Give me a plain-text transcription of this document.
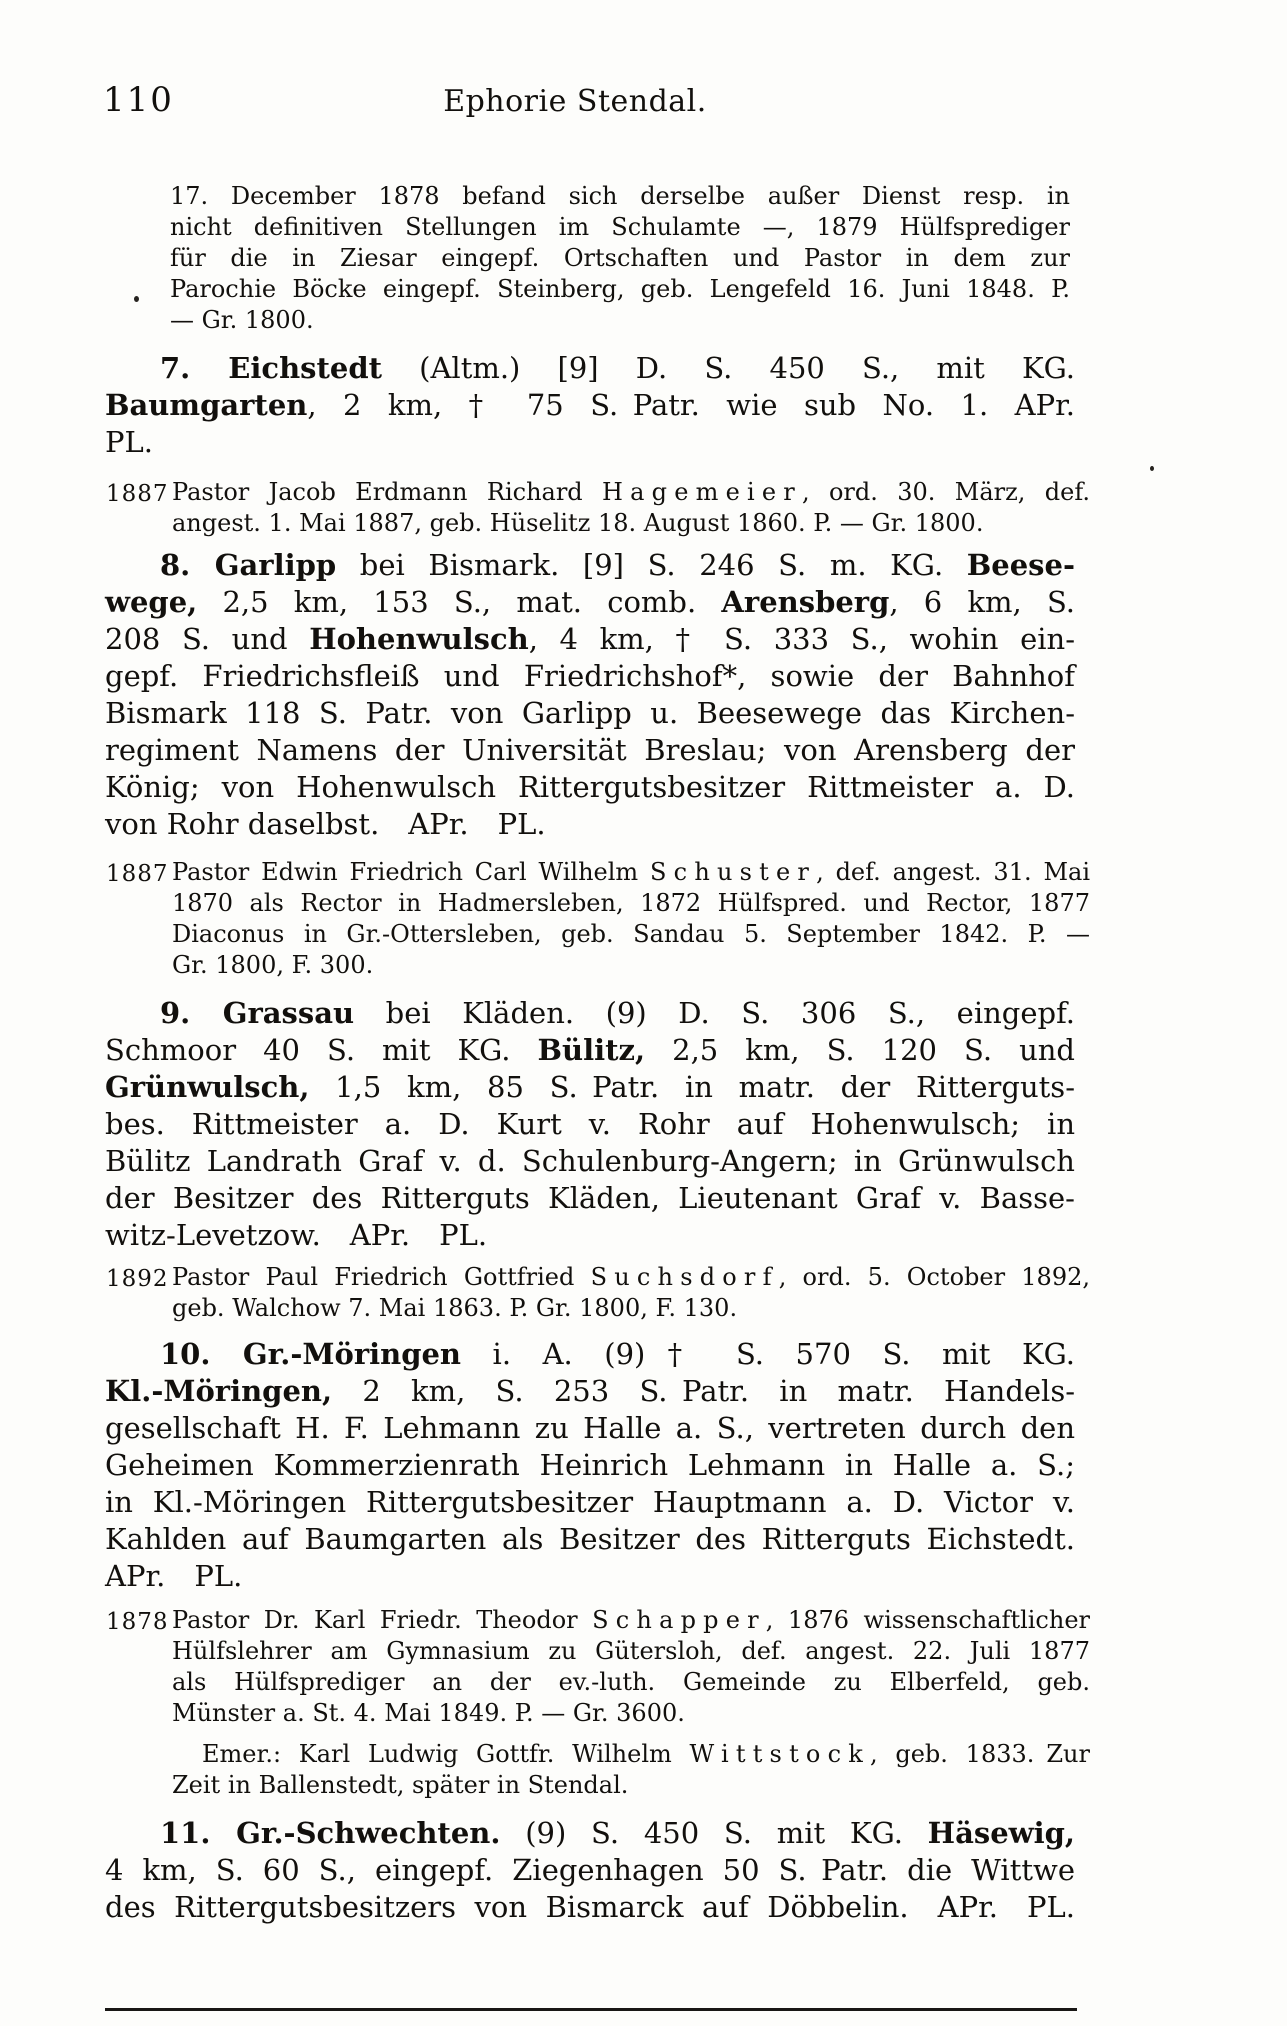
110	Ephorie Stendal.
17. December 1878 befand sich derselbe außer Dienst resp. in
nicht definitiven Stellungen im Schulamte —, 1879 Hülfsprediger
für die in Ziesar eingepf. Ortschaften und Pastor in dem zur
Parochie Böcke eingepf. Steinberg, geb. Lengefeld 16. Juni 1848. P.
— Gr. 1800.
7. Eichstedt (Altm.) [9] D. S. 450 S., mit KG.
Baumgarten, 2 km, † 75 S. Patr. wie sub No. 1. APr.
PL.
1887 Pastor Jacob Erdmann Richard Hagemeier, ord. 30. März, def.
angest. 1. Mai 1887, geb. Hüselitz 18. August 1860. P. — Gr. 1800.
8. Garlipp bei Bismark. [9] S. 246 S. m. KG. Beese-
wege, 2,5 km, 153 S., mat. comb. Arensberg, 6 km, S.
208 S. und Hohenwulsch, 4 km, † S. 333 S., wohin ein-
gepf. Friedrichsfleiß und Friedrichshof*, sowie der Bahnhof
Bismark 118 S. Patr. von Garlipp u. Beesewege das Kirchen-
regiment Namens der Universität Breslau; von Arensberg der
König; von Hohenwulsch Rittergutsbesitzer Rittmeister a. D.
von Rohr daselbst. APr. PL.
1887 Pastor Edwin Friedrich Carl Wilhelm Schuster, def. angest. 31. Mai
1870 als Rector in Hadmersleben, 1872 Hülfspred. und Rector, 1877
Diaconus in Gr.-Ottersleben, geb. Sandau 5. September 1842. P. —
Gr. 1800, F. 300.
9. Grassau bei Kläden. (9) D. S. 306 S., eingepf.
Schmoor 40 S. mit KG. Bülitz, 2,5 km, S. 120 S. und
Grünwulsch, 1,5 km, 85 S. Patr. in matr. der Ritterguts-
bes. Rittmeister a. D. Kurt v. Rohr auf Hohenwulsch; in
Bülitz Landrath Graf v. d. Schulenburg-Angern; in Grünwulsch
der Besitzer des Ritterguts Kläden, Lieutenant Graf v. Basse-
witz-Levetzow. APr. PL.
1892 Pastor Paul Friedrich Gottfried Suchsdorf, ord. 5. October 1892,
geb. Walchow 7. Mai 1863. P. Gr. 1800, F. 130.
10. Gr.-Möringen i. A. (9)† S. 570 S. mit KG.
Kl.-Möringen, 2 km, S. 253 S. Patr. in matr. Handels-
gesellschaft H. F. Lehmann zu Halle a. S., vertreten durch den
Geheimen Kommerzienrath Heinrich Lehmann in Halle a. S.;
in Kl.-Möringen Rittergutsbesitzer Hauptmann a. D. Victor v.
Kahlden auf Baumgarten als Besitzer des Ritterguts Eichstedt.
APr. PL.
1878 Pastor Dr. Karl Friedr. Theodor Schapper, 1876 wissenschaftlicher
Hülfslehrer am Gymnasium zu Gütersloh, def. angest. 22. Juli 1877
als Hülfsprediger an der ev.-luth. Gemeinde zu Elberfeld, geb.
Münster a. St. 4. Mai 1849. P. — Gr. 3600.
Emer.: Karl Ludwig Gottfr. Wilhelm Wittstock, geb. 1833. Zur
Zeit in Ballenstedt, später in Stendal.
11. Gr.-Schwechten. (9) S. 450 S. mit KG. Häsewig,
4 km, S. 60 S., eingepf. Ziegenhagen 50 S. Patr. die Wittwe
des Rittergutsbesitzers von Bismarck auf Döbbelin. APr. PL.
